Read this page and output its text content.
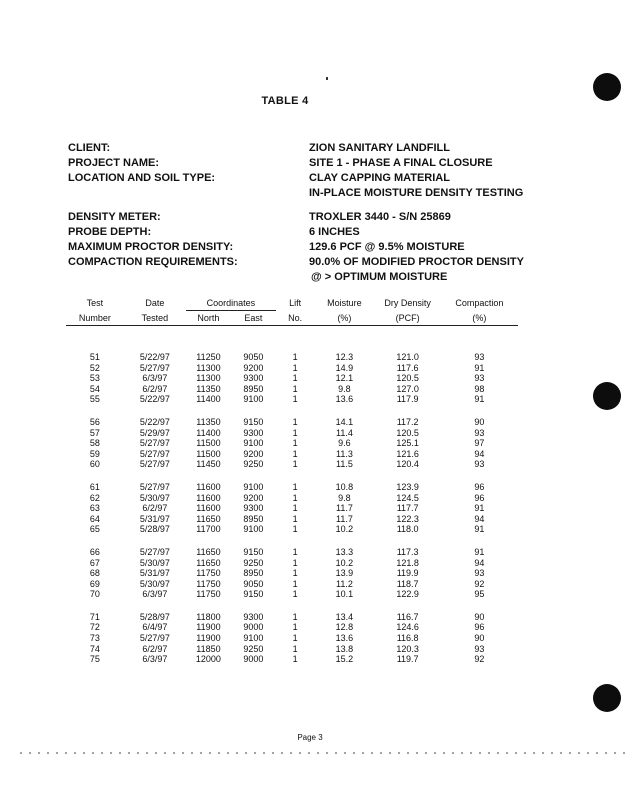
TABLE 4
CLIENT:	ZION SANITARY LANDFILL
PROJECT NAME:	SITE 1 - PHASE A FINAL CLOSURE
LOCATION AND SOIL TYPE:	CLAY CAPPING MATERIAL
IN-PLACE MOISTURE DENSITY TESTING
DENSITY METER:	TROXLER 3440 - S/N 25869
PROBE DEPTH:	6 INCHES
MAXIMUM PROCTOR DENSITY:	129.6 PCF @ 9.5% MOISTURE
COMPACTION REQUIREMENTS:	90.0% OF MODIFIED PROCTOR DENSITY
@ > OPTIMUM MOISTURE
Test	Date	Coordinates		Lift	Moisture	Dry Density	Compaction
Number	Tested	North	East	No.	(%)	(PCF)	(%)
51	5/22/97	11250	9050	1	12.3	121.0	93
52	5/27/97	11300	9200	1	14.9	117.6	91
53	6/3/97	11300	9300	1	12.1	120.5	93
54	6/2/97	11350	8950	1	9.8	127.0	98
55	5/22/97	11400	9100	1	13.6	117.9	91
56	5/22/97	11350	9150	1	14.1	117.2	90
57	5/29/97	11400	9300	1	11.4	120.5	93
58	5/27/97	11500	9100	1	9.6	125.1	97
59	5/27/97	11500	9200	1	11.3	121.6	94
60	5/27/97	11450	9250	1	11.5	120.4	93
61	5/27/97	11600	9100	1	10.8	123.9	96
62	5/30/97	11600	9200	1	9.8	124.5	96
63	6/2/97	11600	9300	1	11.7	117.7	91
64	5/31/97	11650	8950	1	11.7	122.3	94
65	5/28/97	11700	9100	1	10.2	118.0	91
66	5/27/97	11650	9150	1	13.3	117.3	91
67	5/30/97	11650	9250	1	10.2	121.8	94
68	5/31/97	11750	8950	1	13.9	119.9	93
69	5/30/97	11750	9050	1	11.2	118.7	92
70	6/3/97	11750	9150	1	10.1	122.9	95
71	5/28/97	11800	9300	1	13.4	116.7	90
72	6/4/97	11900	9000	1	12.8	124.6	96
73	5/27/97	11900	9100	1	13.6	116.8	90
74	6/2/97	11850	9250	1	13.8	120.3	93
75	6/3/97	12000	9000	1	15.2	119.7	92
Page 3
